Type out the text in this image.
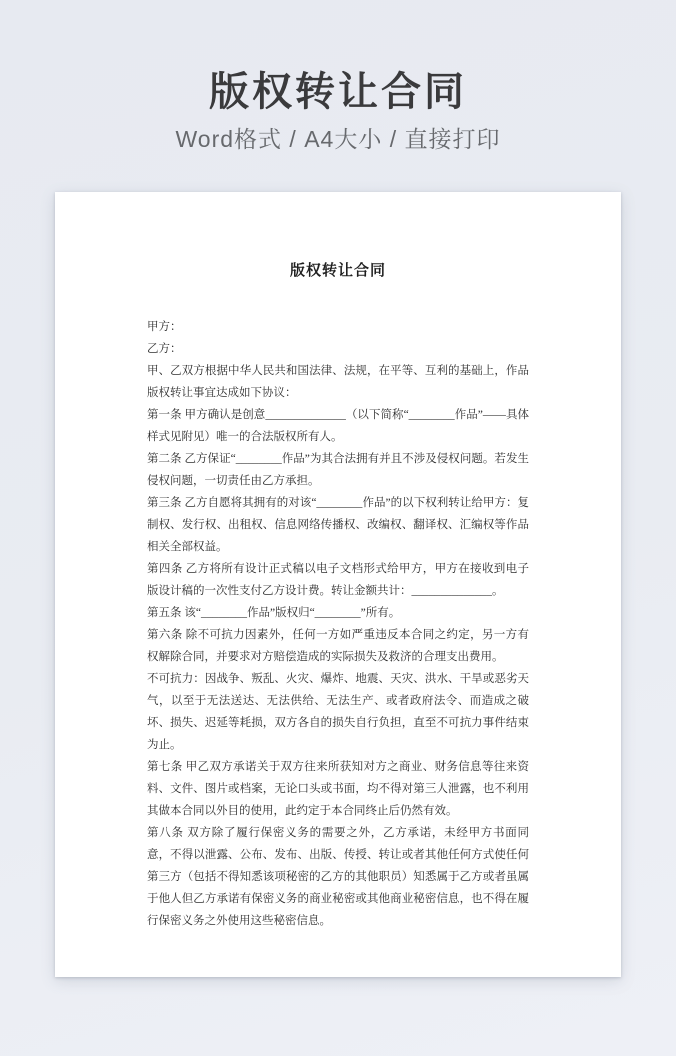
版权转让合同
Word格式 / A4大小 / 直接打印
版权转让合同

甲方：

乙方：

甲、乙双方根据中华人民共和国法律、法规，在平等、互利的基础上，作品版权转让事宜达成如下协议：

第一条 甲方确认是创意______________（以下简称“________作品”——具体样式见附见）唯一的合法版权所有人。

第二条 乙方保证“________作品”为其合法拥有并且不涉及侵权问题。若发生侵权问题，一切责任由乙方承担。

第三条 乙方自愿将其拥有的对该“________作品”的以下权利转让给甲方：复制权、发行权、出租权、信息网络传播权、改编权、翻译权、汇编权等作品相关全部权益。

第四条 乙方将所有设计正式稿以电子文档形式给甲方，甲方在接收到电子版设计稿的一次性支付乙方设计费。转让金额共计：______________。

第五条 该“________作品”版权归“________”所有。

第六条 除不可抗力因素外，任何一方如严重违反本合同之约定，另一方有权解除合同，并要求对方赔偿造成的实际损失及救济的合理支出费用。

不可抗力：因战争、叛乱、火灾、爆炸、地震、天灾、洪水、干旱或恶劣天气，以至于无法送达、无法供给、无法生产、或者政府法令、而造成之破坏、损失、迟延等耗损，双方各自的损失自行负担，直至不可抗力事件结束为止。

第七条 甲乙双方承诺关于双方往来所获知对方之商业、财务信息等往来资料、文件、图片或档案，无论口头或书面，均不得对第三人泄露，也不利用其做本合同以外目的使用，此约定于本合同终止后仍然有效。

第八条 双方除了履行保密义务的需要之外，乙方承诺，未经甲方书面同意，不得以泄露、公布、发布、出版、传授、转让或者其他任何方式使任何第三方（包括不得知悉该项秘密的乙方的其他职员）知悉属于乙方或者虽属于他人但乙方承诺有保密义务的商业秘密或其他商业秘密信息，也不得在履行保密义务之外使用这些秘密信息。
